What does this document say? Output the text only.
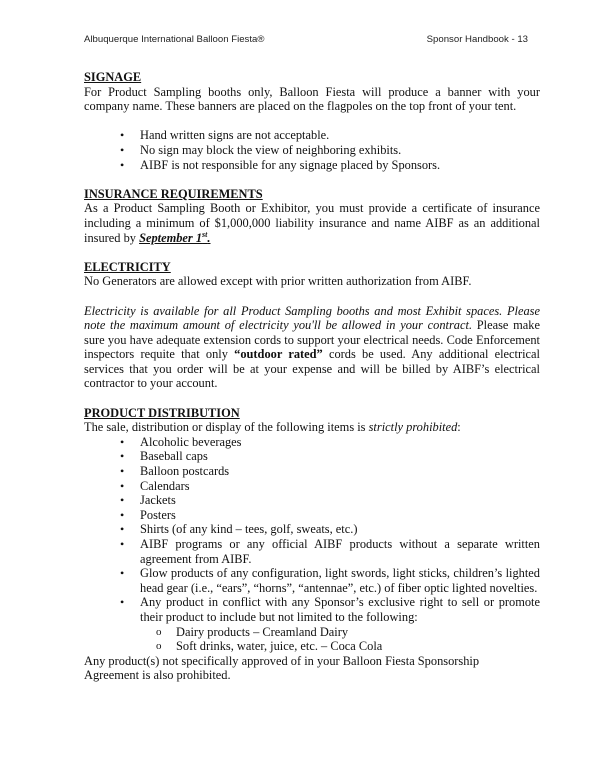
Albuquerque International Balloon Fiesta®	Sponsor Handbook - 13
SIGNAGE

For Product Sampling booths only, Balloon Fiesta will produce a banner with your company name. These banners are placed on the flagpoles on the top front of your tent.

• Hand written signs are not acceptable.
• No sign may block the view of neighboring exhibits.
• AIBF is not responsible for any signage placed by Sponsors.
INSURANCE REQUIREMENTS

As a Product Sampling Booth or Exhibitor, you must provide a certificate of insurance including a minimum of $1,000,000 liability insurance and name AIBF as an additional insured by September 1st.

ELECTRICITY

No Generators are allowed except with prior written authorization from AIBF.

Electricity is available for all Product Sampling booths and most Exhibit spaces. Please note the maximum amount of electricity you'll be allowed in your contract. Please make sure you have adequate extension cords to support your electrical needs. Code Enforcement inspectors requite that only “outdoor rated” cords be used. Any additional electrical services that you order will be at your expense and will be billed by AIBF’s electrical contractor to your account.

PRODUCT DISTRIBUTION

The sale, distribution or display of the following items is strictly prohibited:

• Alcoholic beverages
• Baseball caps
• Balloon postcards
• Calendars
• Jackets
• Posters
• Shirts (of any kind – tees, golf, sweats, etc.)
• AIBF programs or any official AIBF products without a separate written agreement from AIBF.
• Glow products of any configuration, light swords, light sticks, children’s lighted head gear (i.e., “ears”, “horns”, “antennae”, etc.) of fiber optic lighted novelties.
• Any product in conflict with any Sponsor’s exclusive right to sell or promote their product to include but not limited to the following:
o Dairy products – Creamland Dairy
o Soft drinks, water, juice, etc. – Coca Cola

Any product(s) not specifically approved of in your Balloon Fiesta Sponsorship Agreement is also prohibited.
